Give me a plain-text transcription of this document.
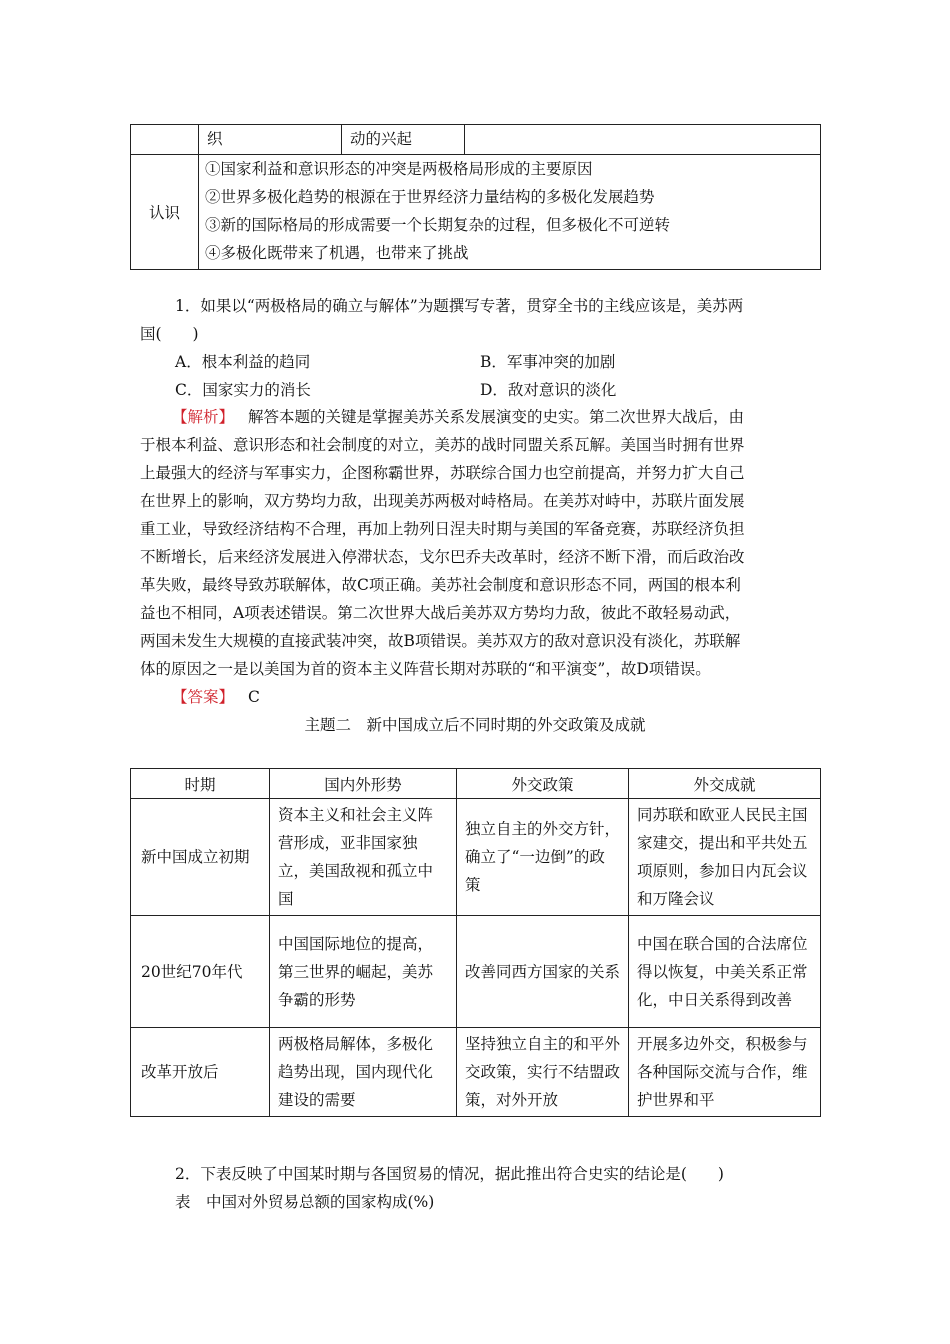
	织	动的兴起	
认识	①国家利益和意识形态的冲突是两极格局形成的主要原因
②世界多极化趋势的根源在于世界经济力量结构的多极化发展趋势
③新的国际格局的形成需要一个长期复杂的过程，但多极化不可逆转
④多极化既带来了机遇，也带来了挑战		
1．如果以“两极格局的确立与解体”为题撰写专著，贯穿全书的主线应该是，美苏两
国(　　)
A．根本利益的趋同	B．军事冲突的加剧
C．国家实力的消长	D．敌对意识的淡化
【解析】 解答本题的关键是掌握美苏关系发展演变的史实。第二次世界大战后，由
于根本利益、意识形态和社会制度的对立，美苏的战时同盟关系瓦解。美国当时拥有世界
上最强大的经济与军事实力，企图称霸世界，苏联综合国力也空前提高，并努力扩大自己
在世界上的影响，双方势均力敌，出现美苏两极对峙格局。在美苏对峙中，苏联片面发展
重工业，导致经济结构不合理，再加上勃列日涅夫时期与美国的军备竞赛，苏联经济负担
不断增长，后来经济发展进入停滞状态，戈尔巴乔夫改革时，经济不断下滑，而后政治改
革失败，最终导致苏联解体，故C项正确。美苏社会制度和意识形态不同，两国的根本利
益也不相同，A项表述错误。第二次世界大战后美苏双方势均力敌，彼此不敢轻易动武，
两国未发生大规模的直接武装冲突，故B项错误。美苏双方的敌对意识没有淡化，苏联解
体的原因之一是以美国为首的资本主义阵营长期对苏联的“和平演变”，故D项错误。
【答案】 C
主题二　新中国成立后不同时期的外交政策及成就
时期	国内外形势	外交政策	外交成就
新中国成立初期	资本主义和社会主义阵营形成，亚非国家独立，美国敌视和孤立中国	独立自主的外交方针，确立了“一边倒”的政策	同苏联和欧亚人民民主国家建交，提出和平共处五项原则，参加日内瓦会议和万隆会议
20世纪70年代	中国国际地位的提高，第三世界的崛起，美苏争霸的形势	改善同西方国家的关系	中国在联合国的合法席位得以恢复，中美关系正常化，中日关系得到改善
改革开放后	两极格局解体，多极化趋势出现，国内现代化建设的需要	坚持独立自主的和平外交政策，实行不结盟政策，对外开放	开展多边外交，积极参与各种国际交流与合作，维护世界和平
2．下表反映了中国某时期与各国贸易的情况，据此推出符合史实的结论是(　　)
表　中国对外贸易总额的国家构成(%)
